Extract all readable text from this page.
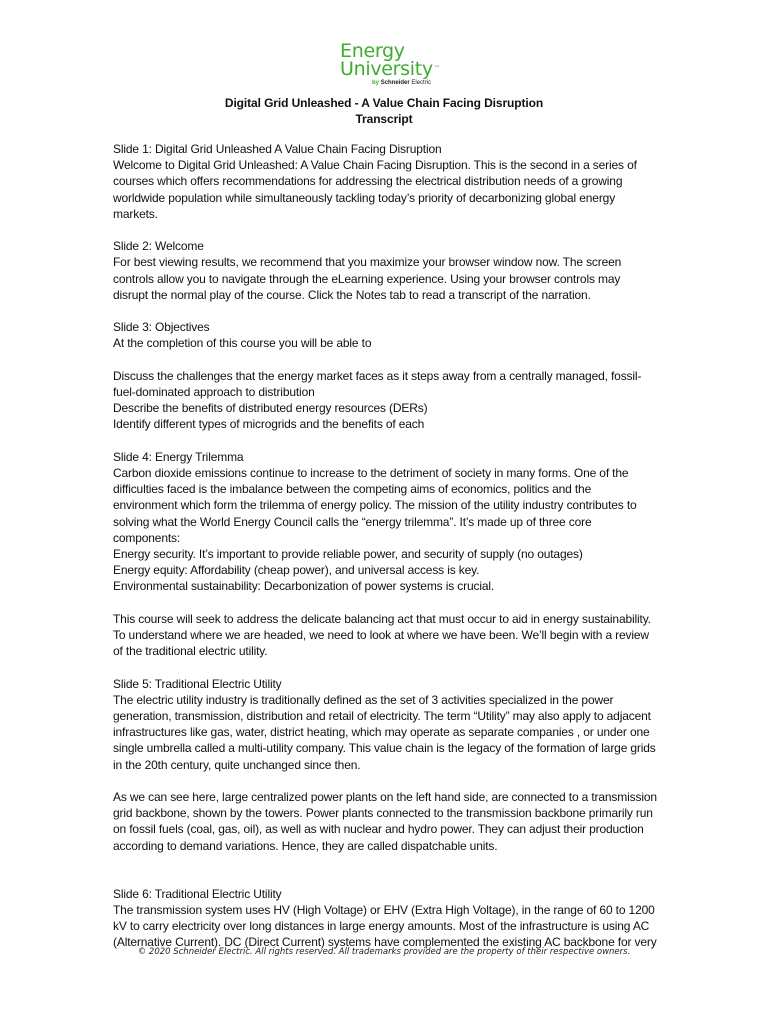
Energy
University™
by Schneider Electric
Digital Grid Unleashed - A Value Chain Facing Disruption
Transcript

Slide 1: Digital Grid Unleashed A Value Chain Facing Disruption
Welcome to Digital Grid Unleashed: A Value Chain Facing Disruption. This is the second in a series of courses which offers recommendations for addressing the electrical distribution needs of a growing worldwide population while simultaneously tackling today’s priority of decarbonizing global energy markets.

Slide 2: Welcome
For best viewing results, we recommend that you maximize your browser window now. The screen controls allow you to navigate through the eLearning experience. Using your browser controls may disrupt the normal play of the course. Click the Notes tab to read a transcript of the narration.

Slide 3: Objectives
At the completion of this course you will be able to

Discuss the challenges that the energy market faces as it steps away from a centrally managed, fossil-fuel-dominated approach to distribution
Describe the benefits of distributed energy resources (DERs)
Identify different types of microgrids and the benefits of each

Slide 4: Energy Trilemma
Carbon dioxide emissions continue to increase to the detriment of society in many forms. One of the difficulties faced is the imbalance between the competing aims of economics, politics and the environment which form the trilemma of energy policy. The mission of the utility industry contributes to solving what the World Energy Council calls the “energy trilemma”. It’s made up of three core components:
Energy security. It’s important to provide reliable power, and security of supply (no outages)
Energy equity: Affordability (cheap power), and universal access is key.
Environmental sustainability: Decarbonization of power systems is crucial.

This course will seek to address the delicate balancing act that must occur to aid in energy sustainability. To understand where we are headed, we need to look at where we have been. We’ll begin with a review of the traditional electric utility.

Slide 5: Traditional Electric Utility
The electric utility industry is traditionally defined as the set of 3 activities specialized in the power generation, transmission, distribution and retail of electricity. The term “Utility” may also apply to adjacent infrastructures like gas, water, district heating, which may operate as separate companies , or under one single umbrella called a multi-utility company. This value chain is the legacy of the formation of large grids in the 20th century, quite unchanged since then.

As we can see here, large centralized power plants on the left hand side, are connected to a transmission grid backbone, shown by the towers. Power plants connected to the transmission backbone primarily run on fossil fuels (coal, gas, oil), as well as with nuclear and hydro power. They can adjust their production according to demand variations. Hence, they are called dispatchable units.

Slide 6: Traditional Electric Utility
The transmission system uses HV (High Voltage) or EHV (Extra High Voltage), in the range of 60 to 1200 kV to carry electricity over long distances in large energy amounts. Most of the infrastructure is using AC (Alternative Current). DC (Direct Current) systems have complemented the existing AC backbone for very

© 2020 Schneider Electric. All rights reserved. All trademarks provided are the property of their respective owners.
